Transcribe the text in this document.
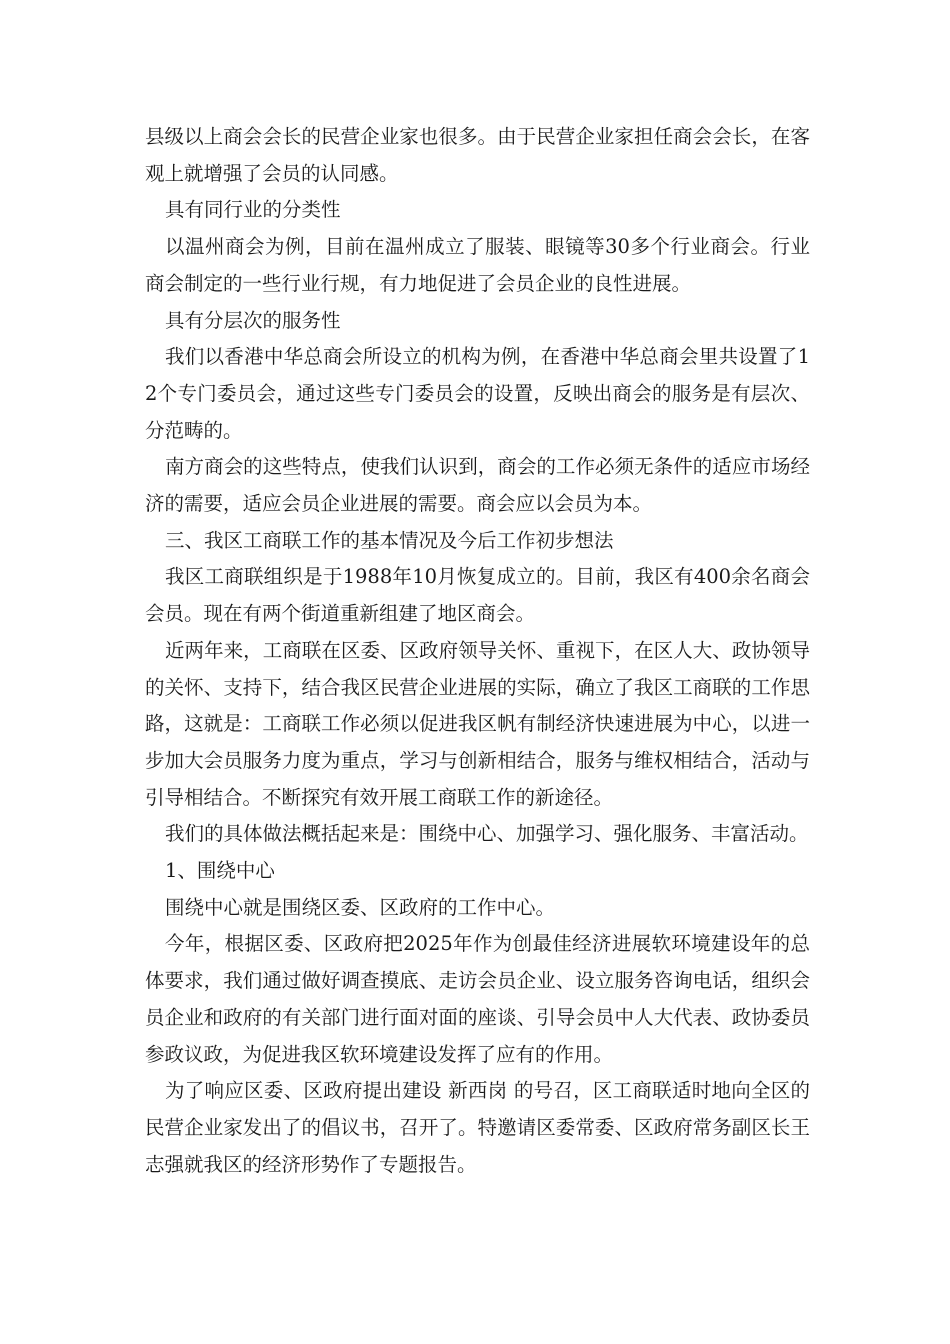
县级以上商会会长的民营企业家也很多。由于民营企业家担任商会会长，在客观上就增强了会员的认同感。

具有同行业的分类性

以温州商会为例，目前在温州成立了服装、眼镜等30多个行业商会。行业商会制定的一些行业行规，有力地促进了会员企业的良性进展。

具有分层次的服务性

我们以香港中华总商会所设立的机构为例，在香港中华总商会里共设置了12个专门委员会，通过这些专门委员会的设置，反映出商会的服务是有层次、分范畴的。

南方商会的这些特点，使我们认识到，商会的工作必须无条件的适应市场经济的需要，适应会员企业进展的需要。商会应以会员为本。

三、我区工商联工作的基本情况及今后工作初步想法

我区工商联组织是于1988年10月恢复成立的。目前，我区有400余名商会会员。现在有两个街道重新组建了地区商会。

近两年来，工商联在区委、区政府领导关怀、重视下，在区人大、政协领导的关怀、支持下，结合我区民营企业进展的实际，确立了我区工商联的工作思路，这就是：工商联工作必须以促进我区帆有制经济快速进展为中心，以进一步加大会员服务力度为重点，学习与创新相结合，服务与维权相结合，活动与引导相结合。不断探究有效开展工商联工作的新途径。

我们的具体做法概括起来是：围绕中心、加强学习、强化服务、丰富活动。

1、围绕中心

围绕中心就是围绕区委、区政府的工作中心。

今年，根据区委、区政府把2025年作为创最佳经济进展软环境建设年的总体要求，我们通过做好调查摸底、走访会员企业、设立服务咨询电话，组织会员企业和政府的有关部门进行面对面的座谈、引导会员中人大代表、政协委员参政议政，为促进我区软环境建设发挥了应有的作用。

为了响应区委、区政府提出建设 新西岗 的号召，区工商联适时地向全区的民营企业家发出了的倡议书，召开了。特邀请区委常委、区政府常务副区长王志强就我区的经济形势作了专题报告。
